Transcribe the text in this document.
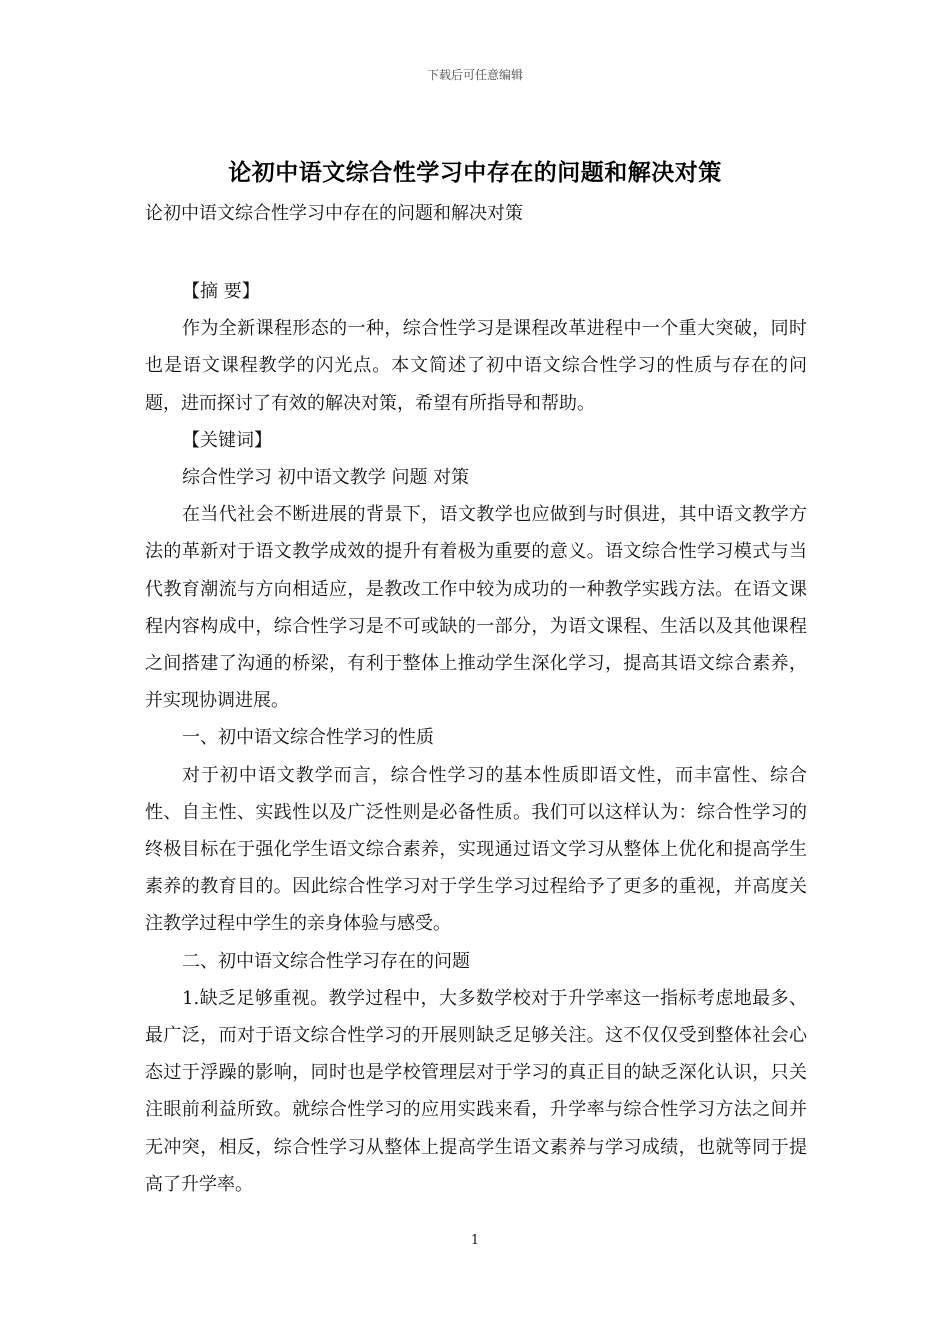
下载后可任意编辑
论初中语文综合性学习中存在的问题和解决对策
论初中语文综合性学习中存在的问题和解决对策

【摘 要】

作为全新课程形态的一种，综合性学习是课程改革进程中一个重大突破，同时也是语文课程教学的闪光点。本文简述了初中语文综合性学习的性质与存在的问题，进而探讨了有效的解决对策，希望有所指导和帮助。

【关键词】

综合性学习 初中语文教学 问题 对策

在当代社会不断进展的背景下，语文教学也应做到与时俱进，其中语文教学方法的革新对于语文教学成效的提升有着极为重要的意义。语文综合性学习模式与当代教育潮流与方向相适应，是教改工作中较为成功的一种教学实践方法。在语文课程内容构成中，综合性学习是不可或缺的一部分，为语文课程、生活以及其他课程之间搭建了沟通的桥梁，有利于整体上推动学生深化学习，提高其语文综合素养，并实现协调进展。

一、初中语文综合性学习的性质

对于初中语文教学而言，综合性学习的基本性质即语文性，而丰富性、综合性、自主性、实践性以及广泛性则是必备性质。我们可以这样认为：综合性学习的终极目标在于强化学生语文综合素养，实现通过语文学习从整体上优化和提高学生素养的教育目的。因此综合性学习对于学生学习过程给予了更多的重视，并高度关注教学过程中学生的亲身体验与感受。

二、初中语文综合性学习存在的问题

1.缺乏足够重视。教学过程中，大多数学校对于升学率这一指标考虑地最多、最广泛，而对于语文综合性学习的开展则缺乏足够关注。这不仅仅受到整体社会心态过于浮躁的影响，同时也是学校管理层对于学习的真正目的缺乏深化认识，只关注眼前利益所致。就综合性学习的应用实践来看，升学率与综合性学习方法之间并无冲突，相反，综合性学习从整体上提高学生语文素养与学习成绩，也就等同于提高了升学率。

1
